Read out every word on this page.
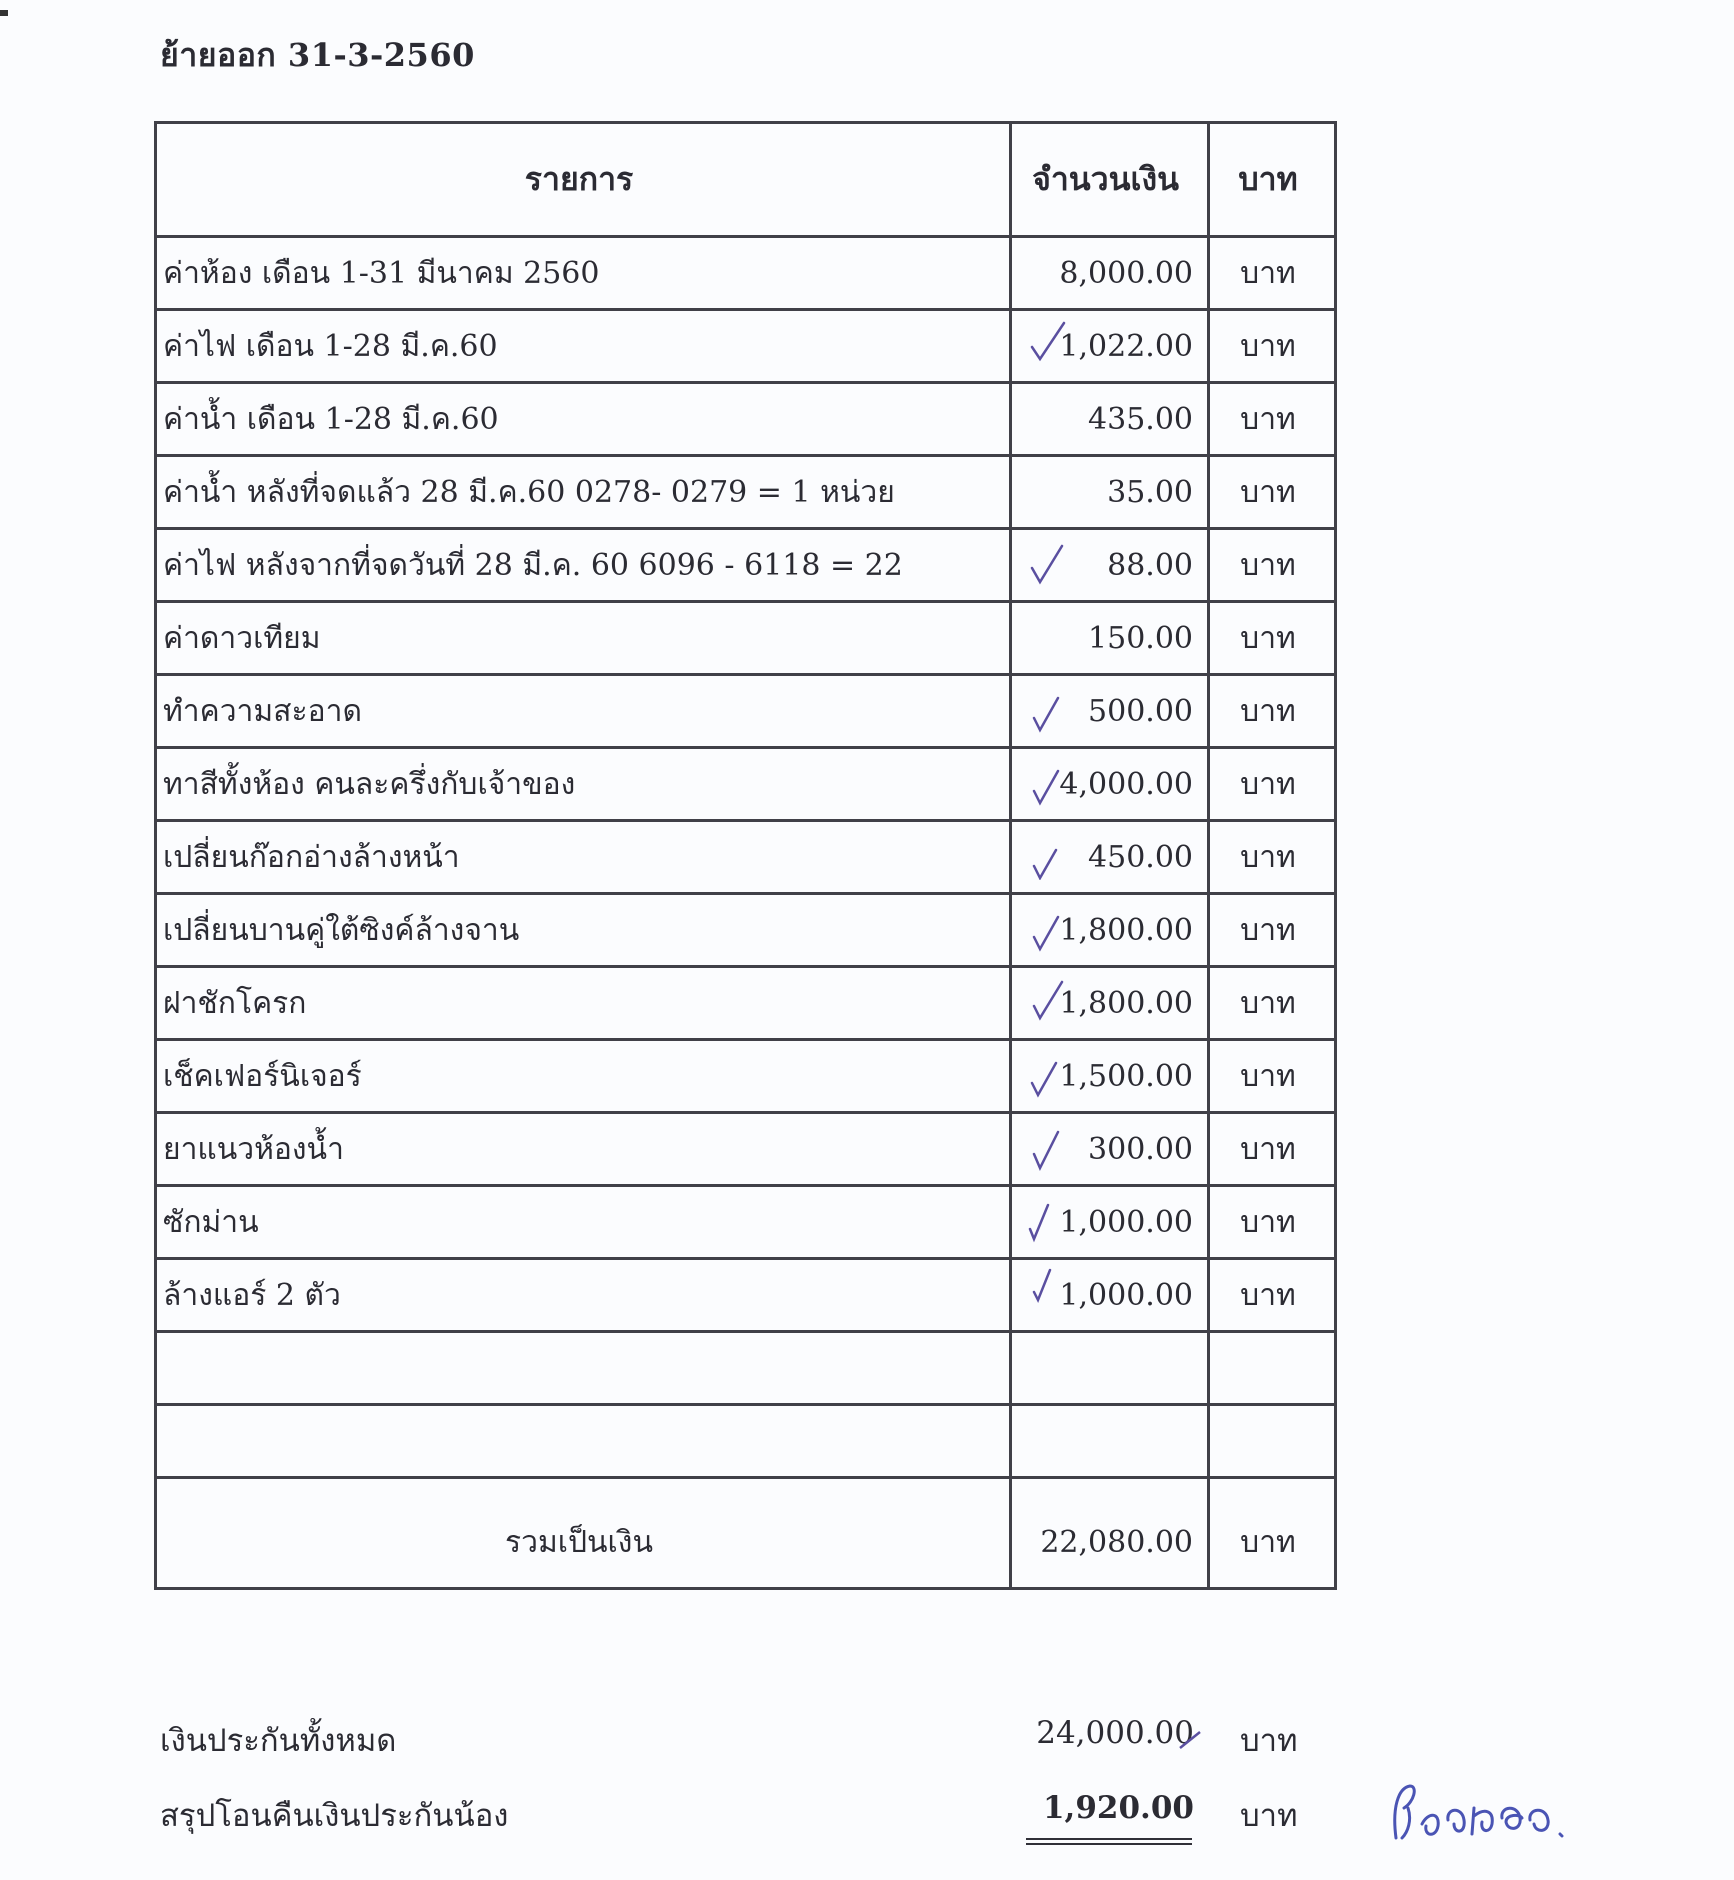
ย้ายออก 31-3-2560
รายการ	จำนวนเงิน	บาท
ค่าห้อง เดือน 1-31 มีนาคม 2560	8,000.00	บาท
ค่าไฟ เดือน 1-28 มี.ค.60	1,022.00	บาท
ค่าน้ำ เดือน 1-28 มี.ค.60	435.00	บาท
ค่าน้ำ หลังที่จดแล้ว 28 มี.ค.60 0278- 0279 = 1 หน่วย	35.00	บาท
ค่าไฟ หลังจากที่จดวันที่ 28 มี.ค. 60 6096 - 6118 = 22	88.00	บาท
ค่าดาวเทียม	150.00	บาท
ทำความสะอาด	500.00	บาท
ทาสีทั้งห้อง คนละครึ่งกับเจ้าของ	4,000.00	บาท
เปลี่ยนก๊อกอ่างล้างหน้า	450.00	บาท
เปลี่ยนบานคู่ใต้ซิงค์ล้างจาน	1,800.00	บาท
ฝาชักโครก	1,800.00	บาท
เช็คเฟอร์นิเจอร์	1,500.00	บาท
ยาแนวห้องน้ำ	300.00	บาท
ซักม่าน	1,000.00	บาท
ล้างแอร์ 2 ตัว	1,000.00	บาท

รวมเป็นเงิน	22,080.00	บาท
เงินประกันทั้งหมด	24,000.00 บาท
สรุปโอนคืนเงินประกันน้อง	1,920.00 บาท
